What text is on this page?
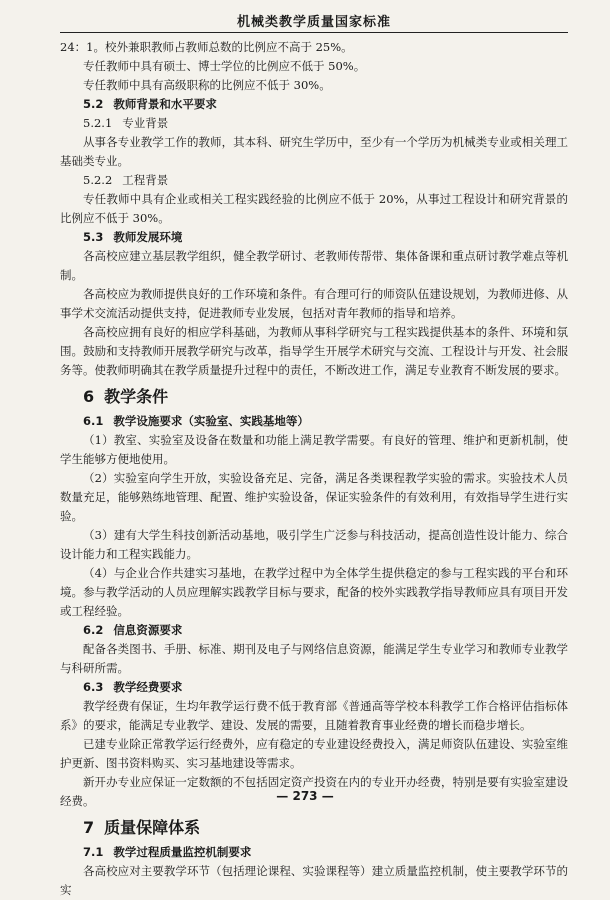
机械类教学质量国家标准

24：1。校外兼职教师占教师总数的比例应不高于 25%。

专任教师中具有硕士、博士学位的比例应不低于 50%。

专任教师中具有高级职称的比例应不低于 30%。

5.2 教师背景和水平要求

5.2.1 专业背景

从事各专业教学工作的教师，其本科、研究生学历中，至少有一个学历为机械类专业或相关理工基础类专业。

5.2.2 工程背景

专任教师中具有企业或相关工程实践经验的比例应不低于 20%，从事过工程设计和研究背景的比例应不低于 30%。

5.3 教师发展环境

各高校应建立基层教学组织，健全教学研讨、老教师传帮带、集体备课和重点研讨教学难点等机制。

各高校应为教师提供良好的工作环境和条件。有合理可行的师资队伍建设规划，为教师进修、从事学术交流活动提供支持，促进教师专业发展，包括对青年教师的指导和培养。

各高校应拥有良好的相应学科基础，为教师从事科学研究与工程实践提供基本的条件、环境和氛围。鼓励和支持教师开展教学研究与改革，指导学生开展学术研究与交流、工程设计与开发、社会服务等。使教师明确其在教学质量提升过程中的责任，不断改进工作，满足专业教育不断发展的要求。

6 教学条件

6.1 教学设施要求（实验室、实践基地等）

（1）教室、实验室及设备在数量和功能上满足教学需要。有良好的管理、维护和更新机制，使学生能够方便地使用。

（2）实验室向学生开放，实验设备充足、完备，满足各类课程教学实验的需求。实验技术人员数量充足，能够熟练地管理、配置、维护实验设备，保证实验条件的有效利用，有效指导学生进行实验。

（3）建有大学生科技创新活动基地，吸引学生广泛参与科技活动，提高创造性设计能力、综合设计能力和工程实践能力。

（4）与企业合作共建实习基地，在教学过程中为全体学生提供稳定的参与工程实践的平台和环境。参与教学活动的人员应理解实践教学目标与要求，配备的校外实践教学指导教师应具有项目开发或工程经验。

6.2 信息资源要求

配备各类图书、手册、标准、期刊及电子与网络信息资源，能满足学生专业学习和教师专业教学与科研所需。

6.3 教学经费要求

教学经费有保证，生均年教学运行费不低于教育部《普通高等学校本科教学工作合格评估指标体系》的要求，能满足专业教学、建设、发展的需要，且随着教育事业经费的增长而稳步增长。

已建专业除正常教学运行经费外，应有稳定的专业建设经费投入，满足师资队伍建设、实验室维护更新、图书资料购买、实习基地建设等需求。

新开办专业应保证一定数额的不包括固定资产投资在内的专业开办经费，特别是要有实验室建设经费。

7 质量保障体系

7.1 教学过程质量监控机制要求

各高校应对主要教学环节（包括理论课程、实验课程等）建立质量监控机制，使主要教学环节的实

— 273 —
